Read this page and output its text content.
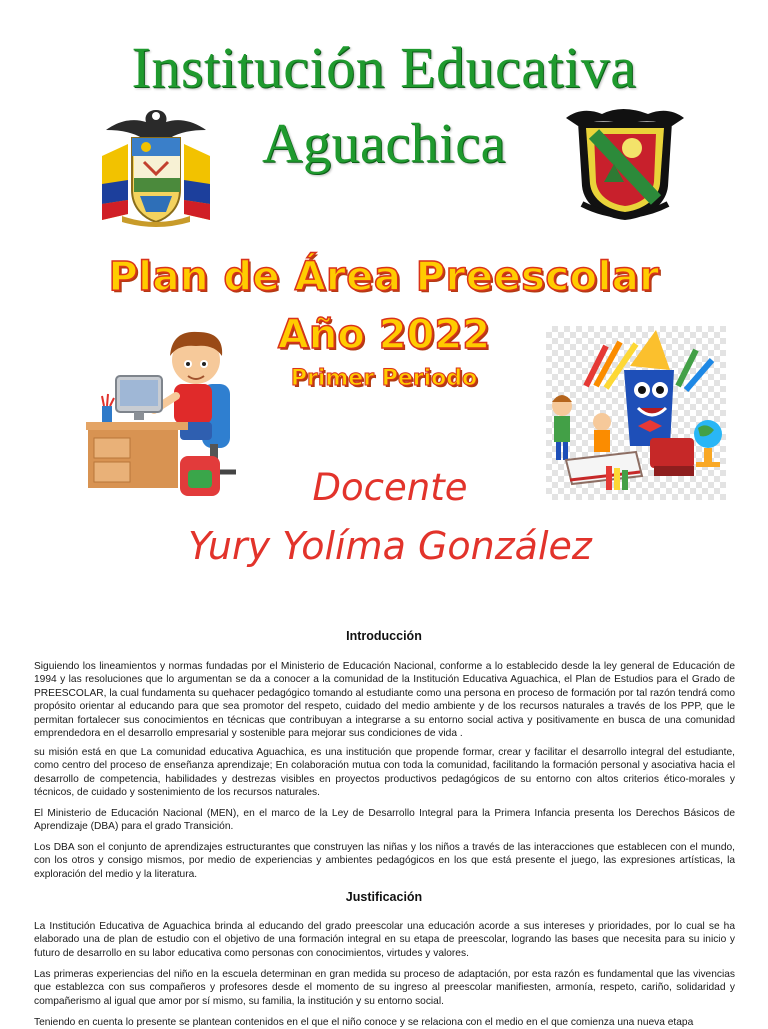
Institución Educativa
Aguachica
Plan de Área Preescolar
Año 2022
Primer Periodo
Docente
Yury Yolíma González
Introducción
Siguiendo los lineamientos y normas fundadas por el Ministerio de Educación Nacional, conforme a lo establecido desde la ley general de Educación de 1994 y las resoluciones que lo argumentan se da a conocer a la comunidad de la Institución Educativa Aguachica, el Plan de Estudios para el Grado de PREESCOLAR, la cual fundamenta su quehacer pedagógico tomando al estudiante como una persona en proceso de formación por tal razón tendrá como propósito orientar al educando para que sea promotor del respeto, cuidado del medio ambiente y de los recursos naturales a través de los PPP, que le permitan fortalecer sus conocimientos en técnicas que contribuyan a integrarse a su entorno social activa y positivamente en busca de una comunidad emprendedora en el desarrollo empresarial y sostenible para mejorar sus condiciones de vida .
su misión está en que La comunidad educativa Aguachica, es una institución que propende formar, crear y facilitar el desarrollo integral del estudiante, como centro del proceso de enseñanza aprendizaje; En colaboración mutua con toda la comunidad, facilitando la formación personal y asociativa hacia el desarrollo de competencia, habilidades y destrezas visibles en proyectos productivos pedagógicos de su entorno con altos criterios ético-morales y técnicos, de cuidado y sostenimiento de los recursos naturales.
El Ministerio de Educación Nacional (MEN), en el marco de la Ley de Desarrollo Integral para la Primera Infancia presenta los Derechos Básicos de Aprendizaje (DBA) para el grado Transición.
Los DBA son el conjunto de aprendizajes estructurantes que construyen las niñas y los niños a través de las interacciones que establecen con el mundo, con los otros y consigo mismos, por medio de experiencias y ambientes pedagógicos en los que está presente el juego, las expresiones artísticas, la exploración del medio y la literatura.
Justificación
La Institución Educativa de Aguachica brinda al educando del grado preescolar una educación acorde a sus intereses y prioridades, por lo cual se ha elaborado una de plan de estudio con el objetivo de una formación integral en su etapa de preescolar, logrando las bases que necesita para su inicio y futuro de desarrollo en su labor educativa como personas con conocimientos, virtudes y valores.
Las primeras experiencias del niño en la escuela determinan en gran medida su proceso de adaptación, por esta razón es fundamental que las vivencias que establezca con sus compañeros y profesores desde el momento de su ingreso al preescolar manifiesten, armonía, respeto, cariño, solidaridad y compañerismo al igual que amor por sí mismo, su familia, la institución y su entorno social.
Teniendo en cuenta lo presente se plantean contenidos en el que el niño conoce y se relaciona con el medio en el que comienza una nueva etapa
